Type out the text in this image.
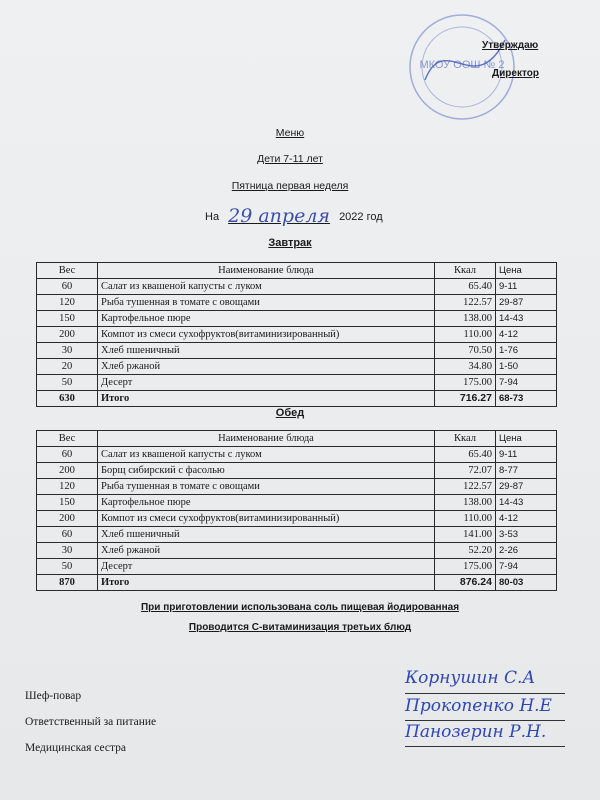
МКОУ ООШ № 2
Утверждаю
Директор
Меню
Дети 7-11 лет
Пятница первая неделя
На 29 апреля 2022 год
Завтрак
Вес	Наименование блюда	Ккал	Цена
60	Салат из квашеной капусты с луком	65.40	9-11
120	Рыба тушенная в томате с овощами	122.57	29-87
150	Картофельное пюре	138.00	14-43
200	Компот из смеси сухофруктов(витаминизированный)	110.00	4-12
30	Хлеб пшеничный	70.50	1-76
20	Хлеб ржаной	34.80	1-50
50	Десерт	175.00	7-94
630	Итого	716.27	68-73
Обед
Вес	Наименование блюда	Ккал	Цена
60	Салат из квашеной капусты с луком	65.40	9-11
200	Борщ сибирский с фасолью	72.07	8-77
120	Рыба тушенная в томате с овощами	122.57	29-87
150	Картофельное пюре	138.00	14-43
200	Компот из смеси сухофруктов(витаминизированный)	110.00	4-12
60	Хлеб пшеничный	141.00	3-53
30	Хлеб ржаной	52.20	2-26
50	Десерт	175.00	7-94
870	Итого	876.24	80-03
При приготовлении использована соль пищевая йодированная
Проводится С-витаминизация третьих блюд
Шеф-повар
Ответственный за питание
Медицинская сестра
Корнушин С.А
Прокопенко Н.Е
Панозерин Р.Н.
